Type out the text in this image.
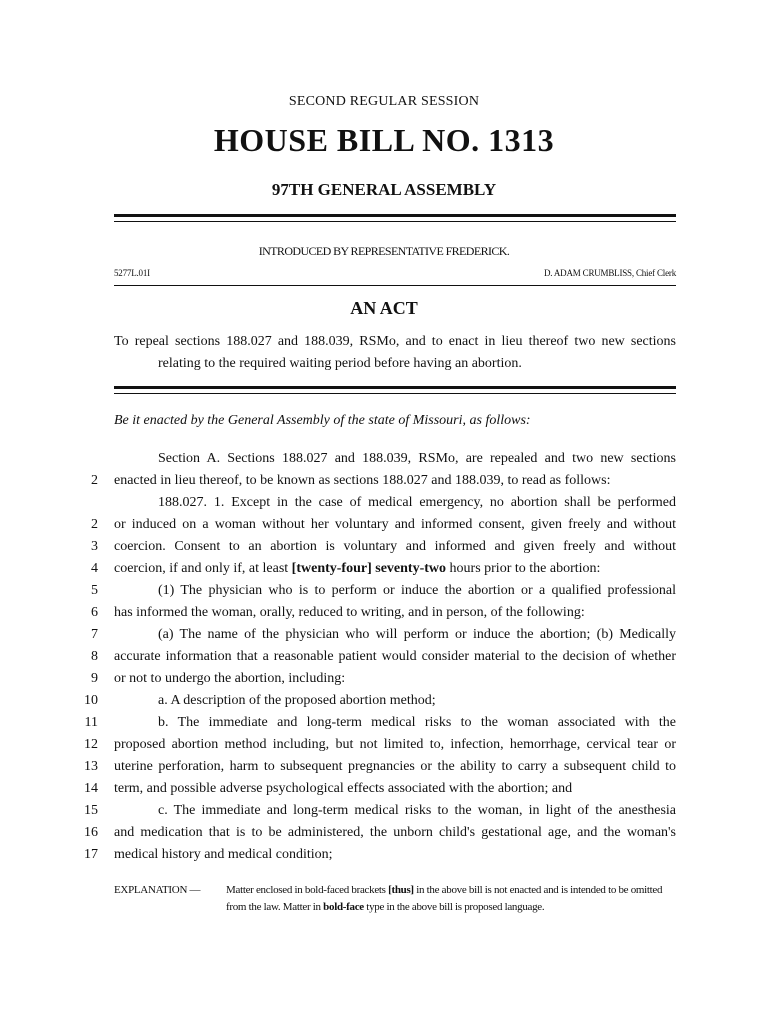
SECOND REGULAR SESSION
HOUSE BILL NO. 1313
97TH GENERAL ASSEMBLY
INTRODUCED BY REPRESENTATIVE FREDERICK.
5277L.01I	D. ADAM CRUMBLISS, Chief Clerk
AN ACT
To repeal sections 188.027 and 188.039, RSMo, and to enact in lieu thereof two new sections
relating to the required waiting period before having an abortion.
Be it enacted by the General Assembly of the state of Missouri, as follows:
Section A. Sections 188.027 and 188.039, RSMo, are repealed and two new sections
2 enacted in lieu thereof, to be known as sections 188.027 and 188.039, to read as follows:
188.027. 1. Except in the case of medical emergency, no abortion shall be performed
2 or induced on a woman without her voluntary and informed consent, given freely and without
3 coercion. Consent to an abortion is voluntary and informed and given freely and without
4 coercion, if and only if, at least [twenty-four] seventy-two hours prior to the abortion:
5	(1) The physician who is to perform or induce the abortion or a qualified professional
6 has informed the woman, orally, reduced to writing, and in person, of the following:
7	(a) The name of the physician who will perform or induce the abortion; (b) Medically
8 accurate information that a reasonable patient would consider material to the decision of whether
9 or not to undergo the abortion, including:
10	a. A description of the proposed abortion method;
11	b. The immediate and long-term medical risks to the woman associated with the
12 proposed abortion method including, but not limited to, infection, hemorrhage, cervical tear or
13 uterine perforation, harm to subsequent pregnancies or the ability to carry a subsequent child to
14 term, and possible adverse psychological effects associated with the abortion; and
15	c. The immediate and long-term medical risks to the woman, in light of the anesthesia
16 and medication that is to be administered, the unborn child's gestational age, and the woman's
17 medical history and medical condition;
EXPLANATION — Matter enclosed in bold-faced brackets [thus] in the above bill is not enacted and is intended to be omitted from the law. Matter in bold-face type in the above bill is proposed language.
